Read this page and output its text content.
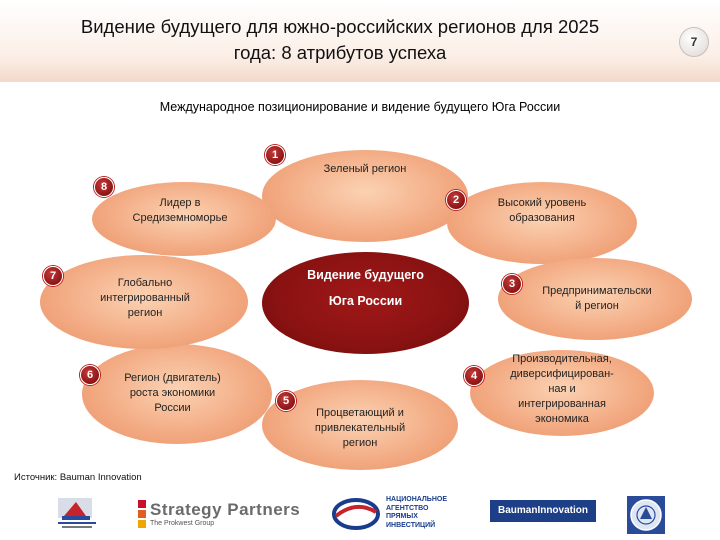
Видение будущего для южно-российских регионов для 2025
года: 8 атрибутов успеха	7
Международное позиционирование и видение будущего Юга России
Зеленый регион
1
Высокий уровень
образования
2
Предпринимательски
й регион
3
Производительная,
диверсифицирован-
ная и
интегрированная
экономика
4
Процветающий и
привлекательный
регион
5
Регион (двигатель)
роста экономики
России
6
Глобально
интегрированный
регион
7
Лидер в
Средиземноморье
8
Видение будущего
Юга России
Источник: Bauman Innovation
Strategy Partners
The Prokwest Group
НАЦИОНАЛЬНОЕ
АГЕНТСТВО
ПРЯМЫХ
ИНВЕСТИЦИЙ
BaumanInnovation
